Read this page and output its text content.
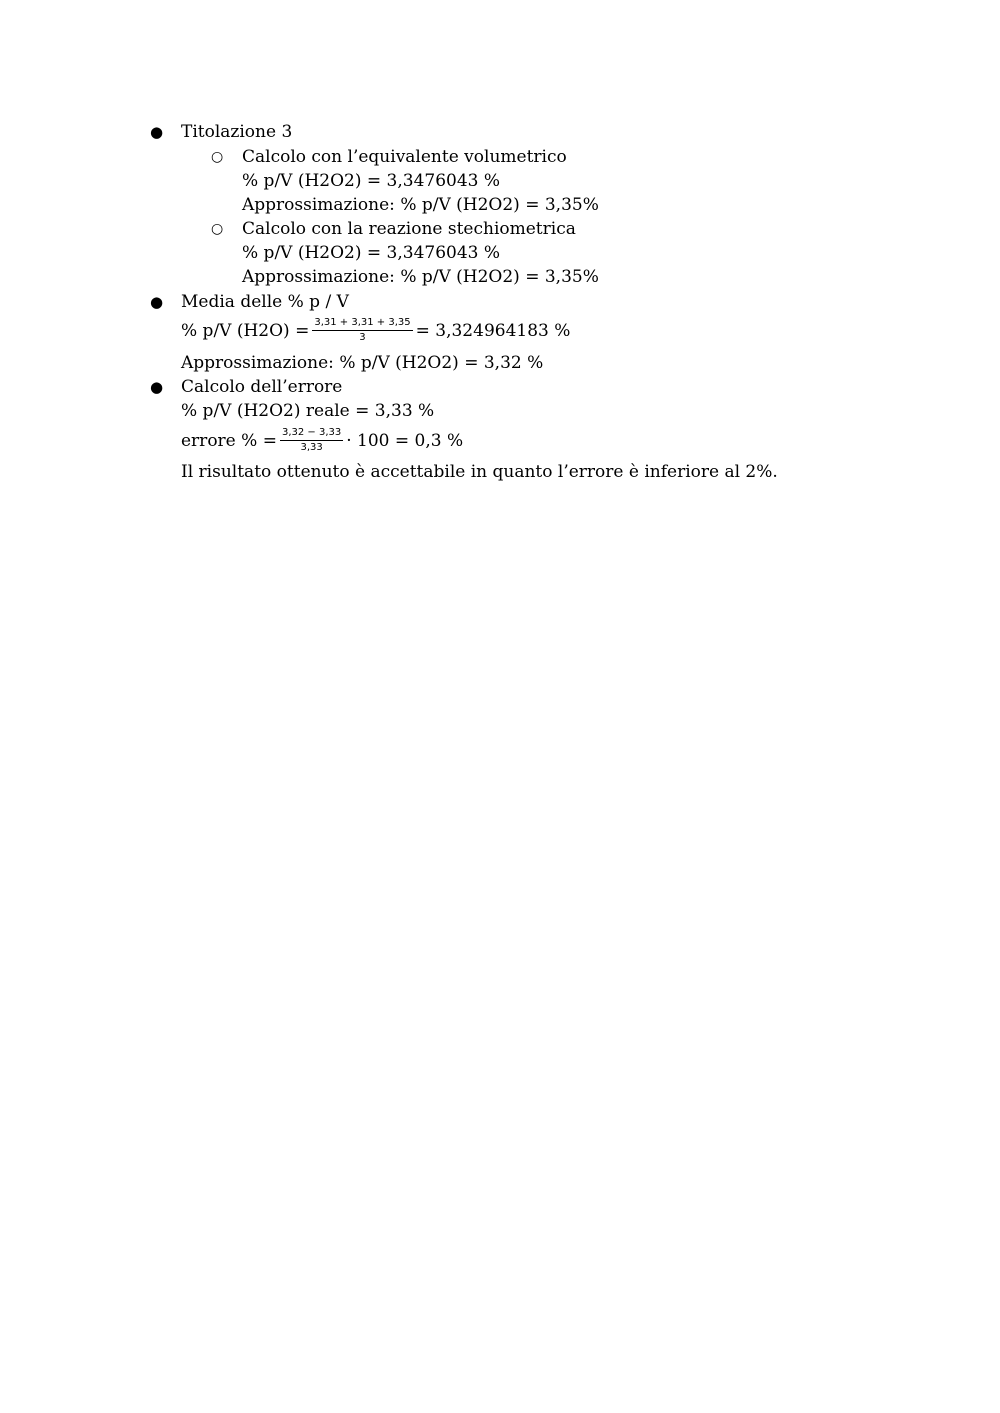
● Titolazione 3
○ Calcolo con l’equivalente volumetrico
% p/V (H2O2) = 3,3476043 %
Approssimazione: % p/V (H2O2) = 3,35%
○ Calcolo con la reazione stechiometrica
% p/V (H2O2) = 3,3476043 %
Approssimazione: % p/V (H2O2) = 3,35%
● Media delle % p / V
% p/V $(H2O) = \frac{3,31 + 3,31 + 3,35}{3} = 3,324964183$ %
Approssimazione: % p/V (H2O2) = 3,32 %
● Calcolo dell’errore
% p/V (H2O2) reale = 3,33 %
errore % = $\frac{3,32 - 3,33}{3,33} \cdot 100 = 0,3$ %
Il risultato ottenuto è accettabile in quanto l’errore è inferiore al 2%.
